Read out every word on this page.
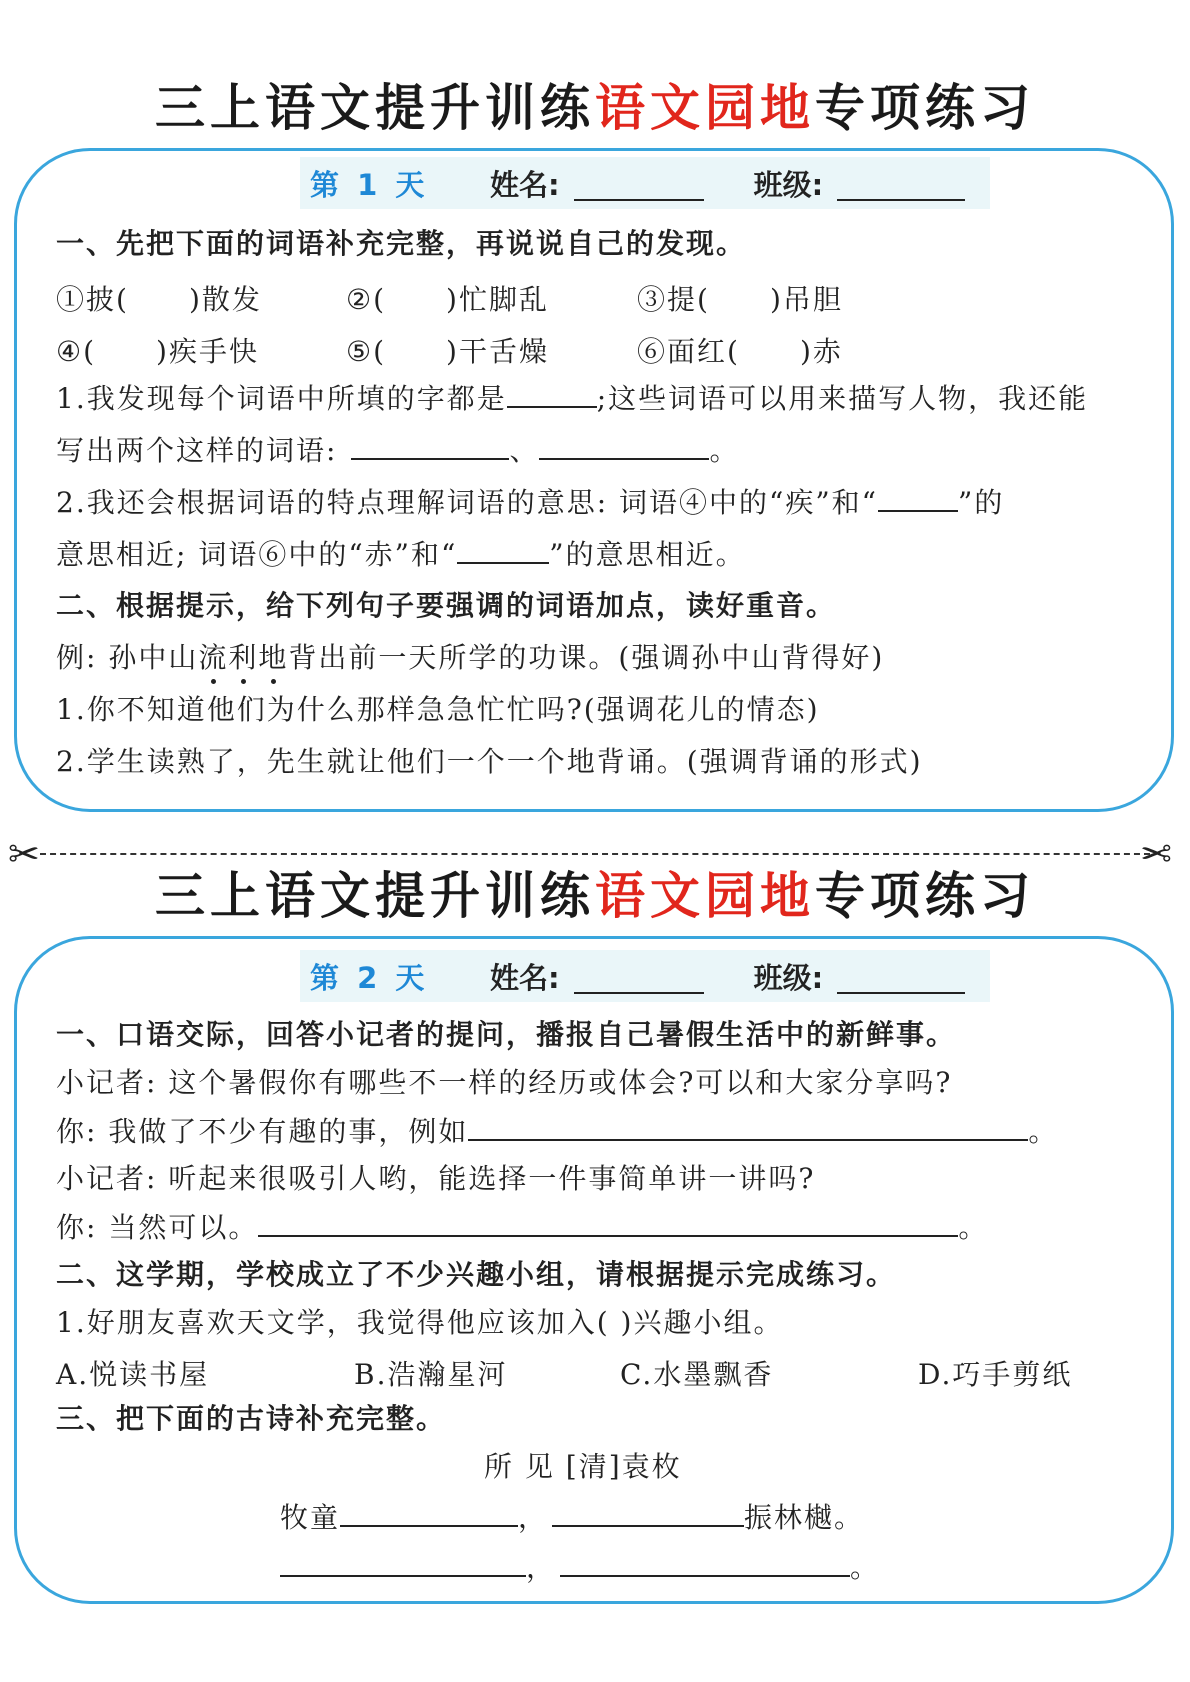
三上语文提升训练语文园地专项练习
第 1 天	姓名:	班级:
一、先把下面的词语补充完整，再说说自己的发现。
①披( )散发	②( )忙脚乱	③提( )吊胆
④( )疾手快	⑤( )干舌燥	⑥面红( )赤
1.我发现每个词语中所填的字都是	;这些词语可以用来描写人物，我还能
写出两个这样的词语:	、	。
2.我还会根据词语的特点理解词语的意思: 词语④中的“疾”和“	”的
意思相近; 词语⑥中的“赤”和“	”的意思相近。
二、根据提示，给下列句子要强调的词语加点，读好重音。
例: 孙中山流利地背出前一天所学的功课。(强调孙中山背得好)
1.你不知道他们为什么那样急急忙忙吗?(强调花儿的情态)
2.学生读熟了，先生就让他们一个一个地背诵。(强调背诵的形式)
✂	✂
三上语文提升训练语文园地专项练习
第 2 天	姓名:	班级:
一、口语交际，回答小记者的提问，播报自己暑假生活中的新鲜事。
小记者: 这个暑假你有哪些不一样的经历或体会?可以和大家分享吗?
你: 我做了不少有趣的事，例如	。
小记者: 听起来很吸引人哟，能选择一件事简单讲一讲吗?
你: 当然可以。	。
二、这学期，学校成立了不少兴趣小组，请根据提示完成练习。
1.好朋友喜欢天文学，我觉得他应该加入( )兴趣小组。
A.悦读书屋	B.浩瀚星河	C.水墨飘香	D.巧手剪纸
三、把下面的古诗补充完整。
所 见 [清]袁枚
牧童	，	振林樾。
，	。
